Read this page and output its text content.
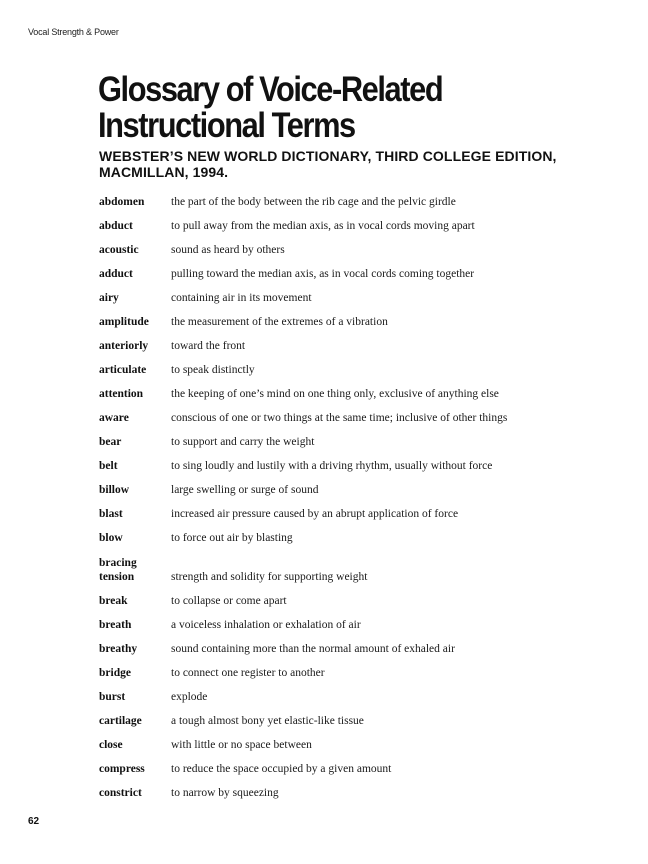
Vocal Strength & Power
Glossary of Voice-Related
Instructional Terms
WEBSTER’S NEW WORLD DICTIONARY, THIRD COLLEGE EDITION,
MACMILLAN, 1994.
abdomen	the part of the body between the rib cage and the pelvic girdle
abduct	to pull away from the median axis, as in vocal cords moving apart
acoustic	sound as heard by others
adduct	pulling toward the median axis, as in vocal cords coming together
airy	containing air in its movement
amplitude	the measurement of the extremes of a vibration
anteriorly	toward the front
articulate	to speak distinctly
attention	the keeping of one’s mind on one thing only, exclusive of anything else
aware	conscious of one or two things at the same time; inclusive of other things
bear	to support and carry the weight
belt	to sing loudly and lustily with a driving rhythm, usually without force
billow	large swelling or surge of sound
blast	increased air pressure caused by an abrupt application of force
blow	to force out air by blasting
bracing
tension	strength and solidity for supporting weight
break	to collapse or come apart
breath	a voiceless inhalation or exhalation of air
breathy	sound containing more than the normal amount of exhaled air
bridge	to connect one register to another
burst	explode
cartilage	a tough almost bony yet elastic-like tissue
close	with little or no space between
compress	to reduce the space occupied by a given amount
constrict	to narrow by squeezing
62
